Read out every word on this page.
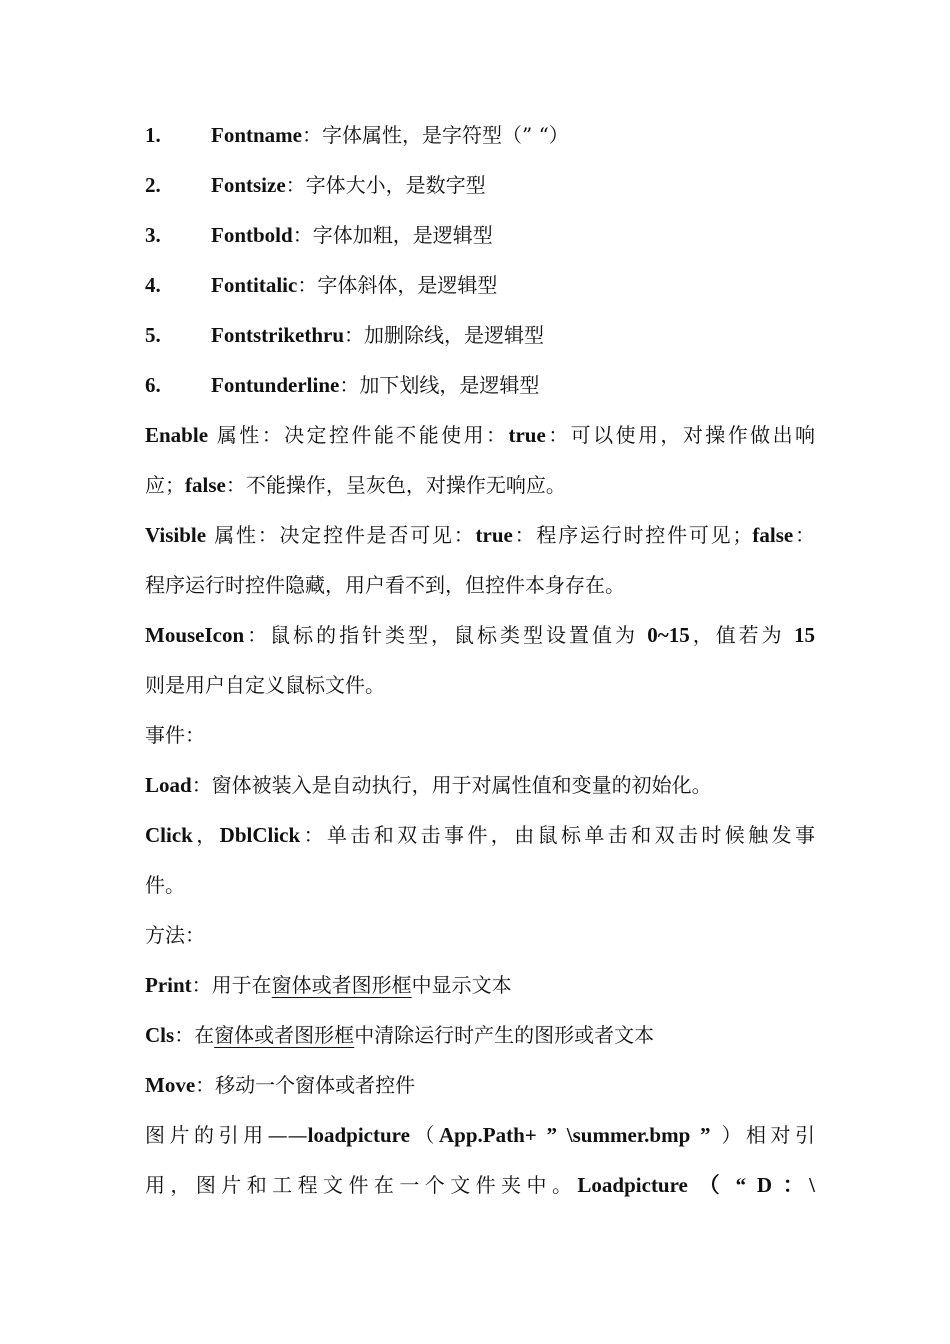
1. Fontname：字体属性，是字符型（” “）
2. Fontsize：字体大小，是数字型
3. Fontbold：字体加粗，是逻辑型
4. Fontitalic：字体斜体，是逻辑型
5. Fontstrikethru：加删除线，是逻辑型
6. Fontunderline：加下划线，是逻辑型
Enable 属性：决定控件能不能使用：true：可以使用，对操作做出响
应；false：不能操作，呈灰色，对操作无响应。
Visible 属性：决定控件是否可见：true：程序运行时控件可见；false：
程序运行时控件隐藏，用户看不到，但控件本身存在。
MouseIcon：鼠标的指针类型，鼠标类型设置值为 0~15，值若为 15
则是用户自定义鼠标文件。
事件：
Load：窗体被装入是自动执行，用于对属性值和变量的初始化。
Click，DblClick：单击和双击事件，由鼠标单击和双击时候触发事
件。
方法：
Print：用于在窗体或者图形框中显示文本
Cls：在窗体或者图形框中清除运行时产生的图形或者文本
Move：移动一个窗体或者控件
图片的引用——loadpicture（App.Path+ ” \summer.bmp ” ）相对引
用，图片和工程文件在一个文件夹中。Loadpicture （ “ D ：\
